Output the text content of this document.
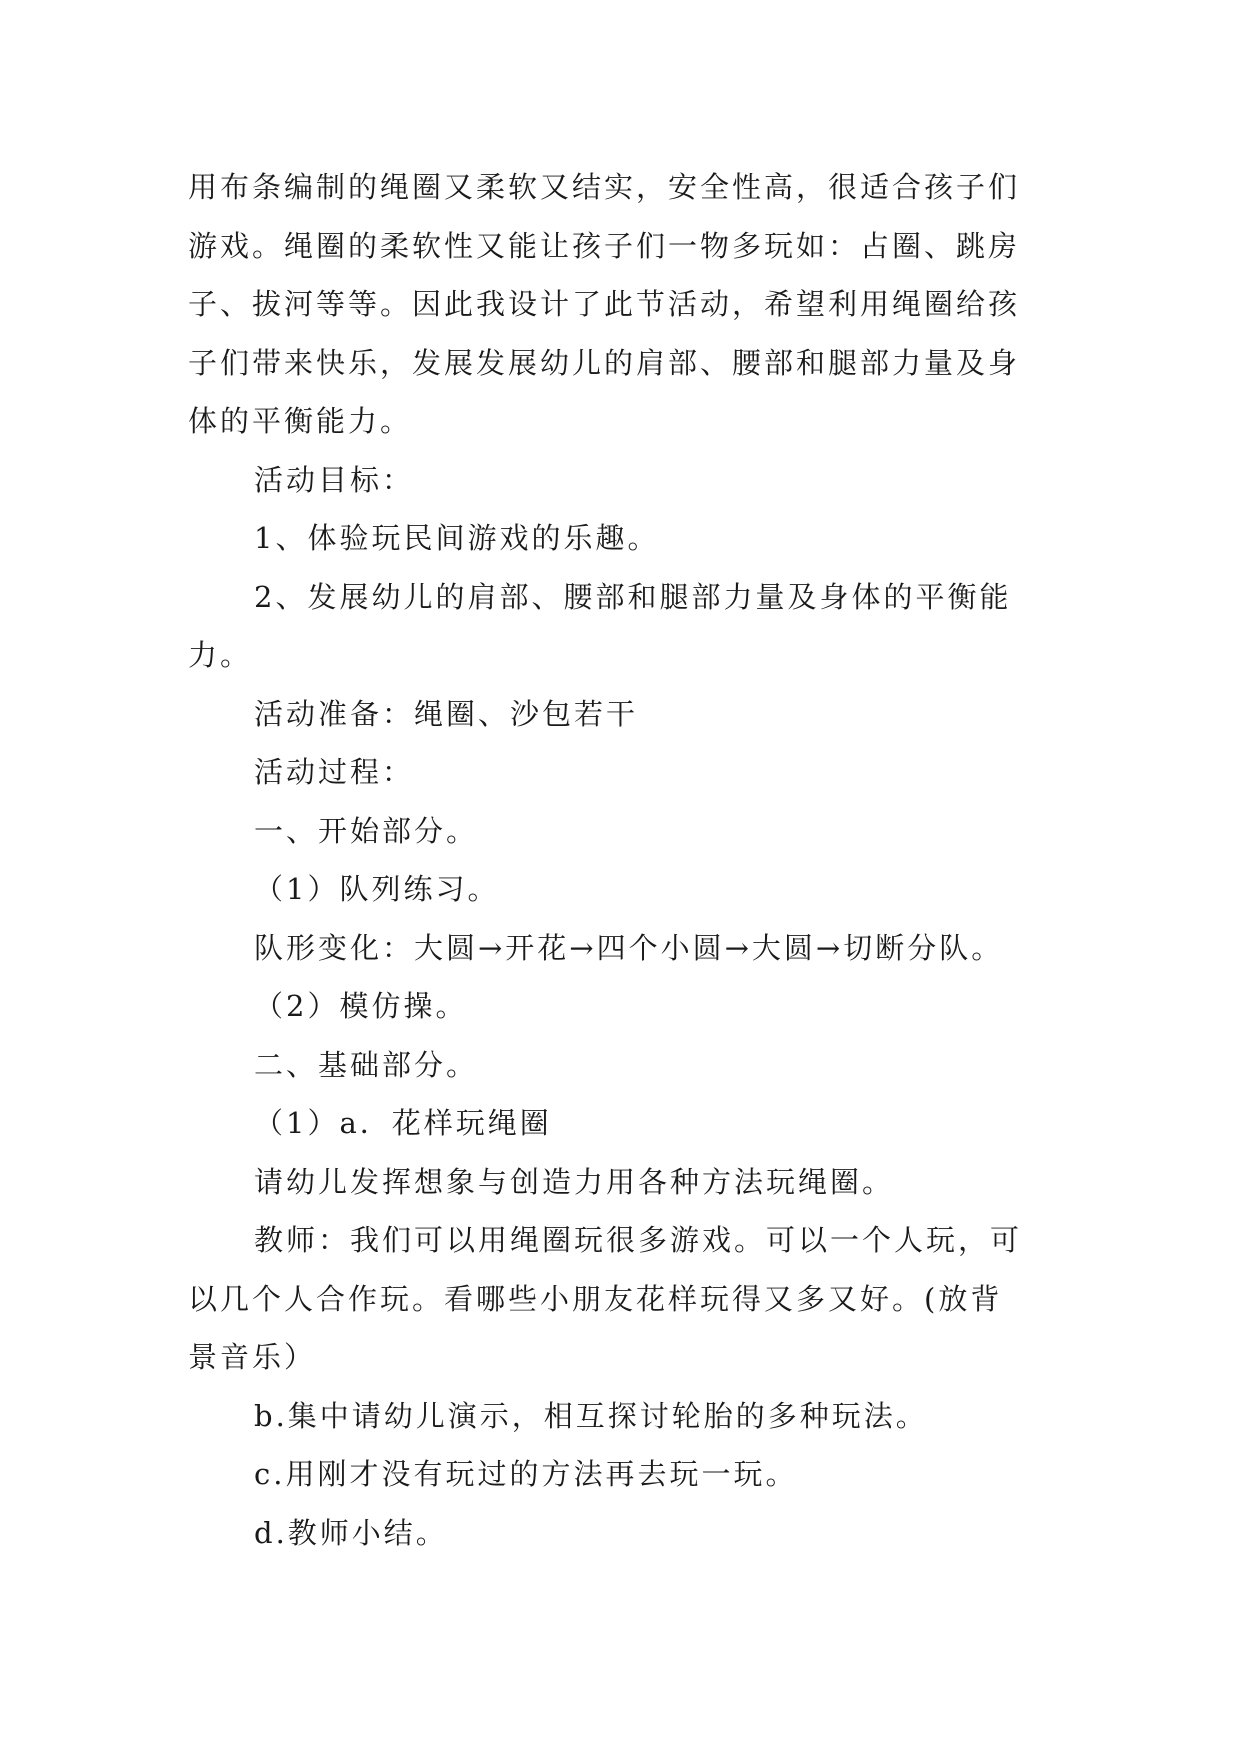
用布条编制的绳圈又柔软又结实，安全性高，很适合孩子们
游戏。绳圈的柔软性又能让孩子们一物多玩如：占圈、跳房
子、拔河等等。因此我设计了此节活动，希望利用绳圈给孩
子们带来快乐，发展发展幼儿的肩部、腰部和腿部力量及身
体的平衡能力。
活动目标：
1、体验玩民间游戏的乐趣。
2、发展幼儿的肩部、腰部和腿部力量及身体的平衡能
力。
活动准备：绳圈、沙包若干
活动过程：
一、开始部分。
（1）队列练习。
队形变化：大圆→开花→四个小圆→大圆→切断分队。
（2）模仿操。
二、基础部分。
（1）a．花样玩绳圈
请幼儿发挥想象与创造力用各种方法玩绳圈。
教师：我们可以用绳圈玩很多游戏。可以一个人玩，可
以几个人合作玩。看哪些小朋友花样玩得又多又好。(放背
景音乐）
b.集中请幼儿演示，相互探讨轮胎的多种玩法。
c.用刚才没有玩过的方法再去玩一玩。
d.教师小结。
